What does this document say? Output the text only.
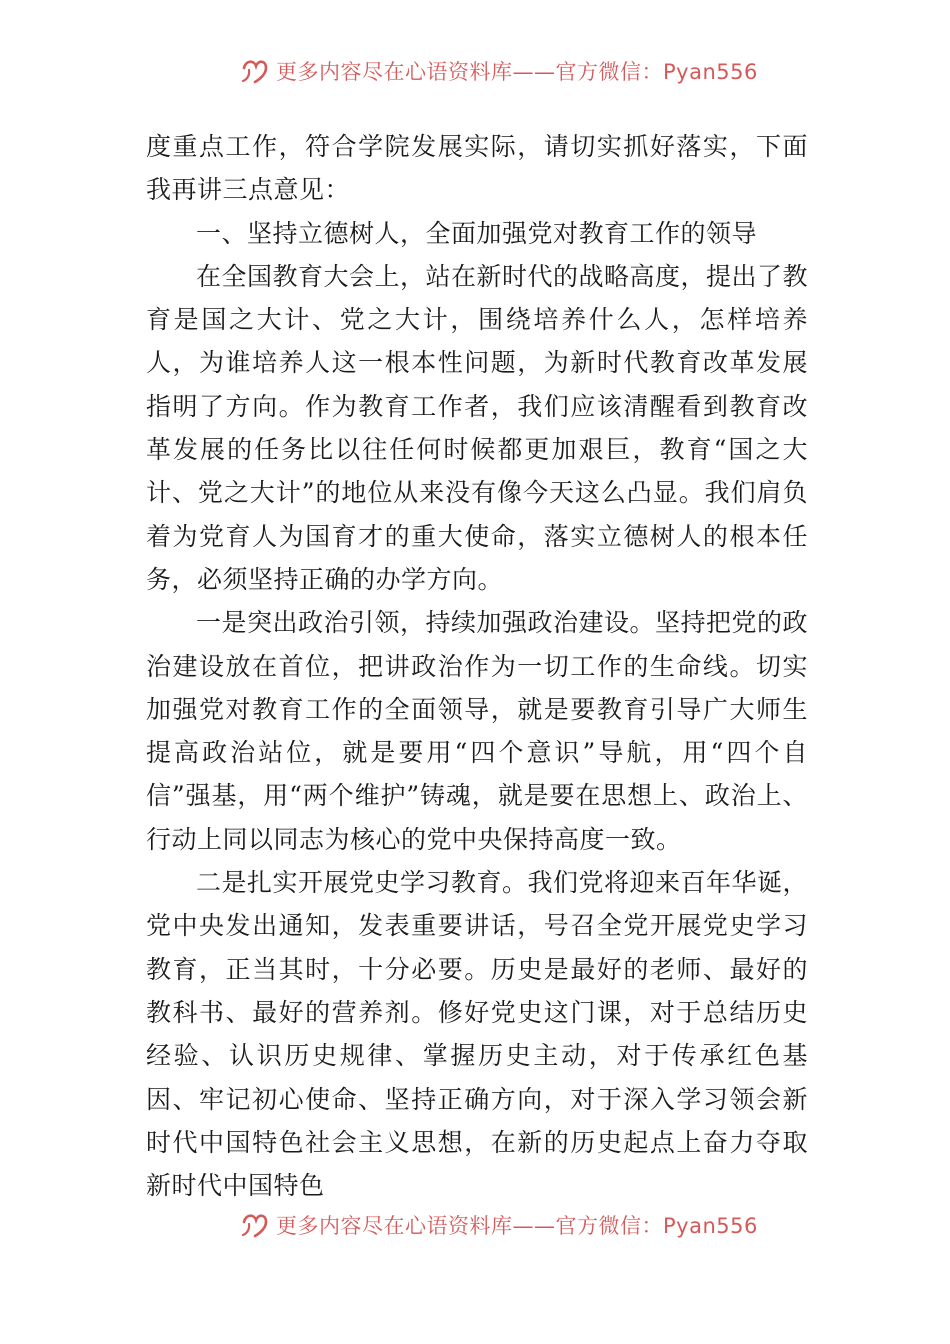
更多内容尽在心语资料库——官方微信：Pyan556

度重点工作，符合学院发展实际，请切实抓好落实，下面我再讲三点意见：

一、坚持立德树人，全面加强党对教育工作的领导

在全国教育大会上，站在新时代的战略高度，提出了教育是国之大计、党之大计，围绕培养什么人，怎样培养人，为谁培养人这一根本性问题，为新时代教育改革发展指明了方向。作为教育工作者，我们应该清醒看到教育改革发展的任务比以往任何时候都更加艰巨，教育“国之大计、党之大计”的地位从来没有像今天这么凸显。我们肩负着为党育人为国育才的重大使命，落实立德树人的根本任务，必须坚持正确的办学方向。

一是突出政治引领，持续加强政治建设。坚持把党的政治建设放在首位，把讲政治作为一切工作的生命线。切实加强党对教育工作的全面领导，就是要教育引导广大师生提高政治站位，就是要用“四个意识”导航，用“四个自信”强基，用“两个维护”铸魂，就是要在思想上、政治上、行动上同以同志为核心的党中央保持高度一致。

二是扎实开展党史学习教育。我们党将迎来百年华诞，党中央发出通知，发表重要讲话，号召全党开展党史学习教育，正当其时，十分必要。历史是最好的老师、最好的教科书、最好的营养剂。修好党史这门课，对于总结历史经验、认识历史规律、掌握历史主动，对于传承红色基因、牢记初心使命、坚持正确方向，对于深入学习领会新时代中国特色社会主义思想，在新的历史起点上奋力夺取新时代中国特色

更多内容尽在心语资料库——官方微信：Pyan556
